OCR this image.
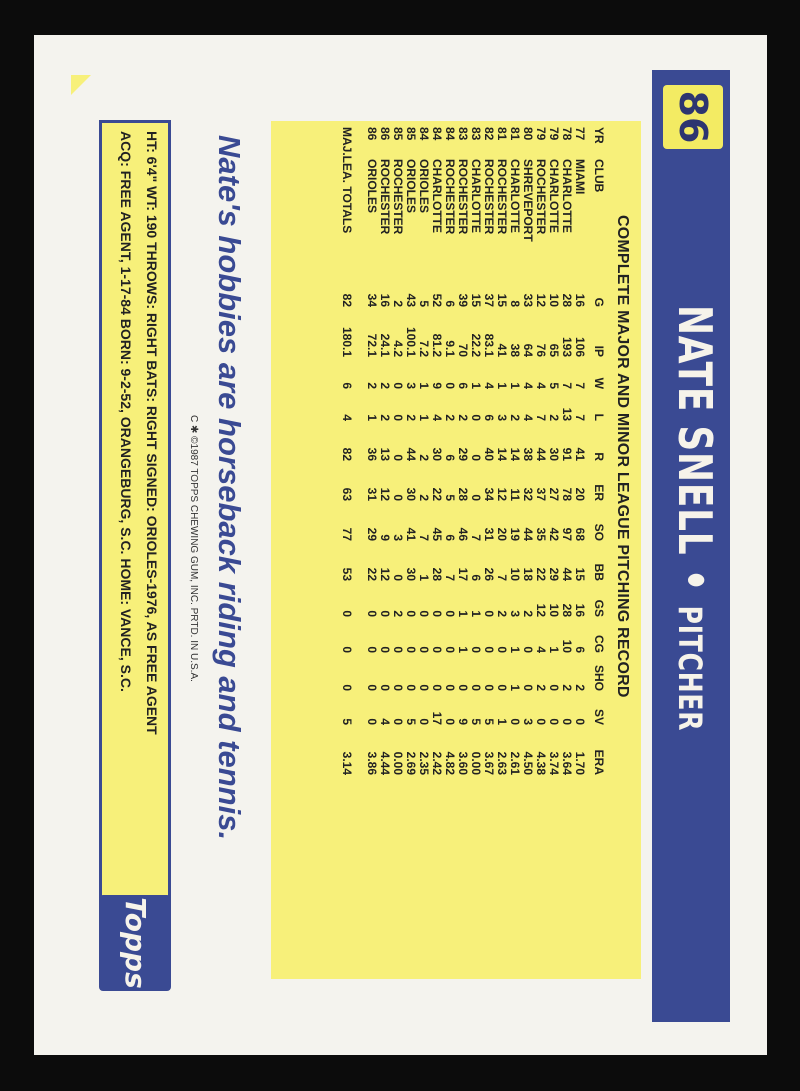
86
NATE SNELL • PITCHER
COMPLETE MAJOR AND MINOR LEAGUE PITCHING RECORD
YR	CLUB	G	IP	W	L	R	ER	SO	BB	GS	CG	SHO	SV	ERA
77	MIAMI	16	106	7	7	41	20	68	15	16	6	2	0	1.70
78	CHARLOTTE	28	193	7	13	91	78	97	44	28	10	2	0	3.64
79	CHARLOTTE	10	65	5	2	30	27	42	29	10	1	0	0	3.74
79	ROCHESTER	12	76	4	7	44	37	35	22	12	4	2	0	4.38
80	SHREVEPORT	33	64	4	4	38	32	44	18	2	0	0	3	4.50
81	CHARLOTTE	8	38	1	2	14	11	19	10	3	1	1	0	2.61
81	ROCHESTER	15	41	1	3	14	12	20	7	2	0	0	1	2.63
82	ROCHESTER	37	83.1	4	6	40	34	31	26	0	0	0	5	3.67
83	CHARLOTTE	15	22.2	1	0	0	0	7	6	1	0	0	5	0.00
83	ROCHESTER	39	70	6	2	29	28	46	17	1	1	0	9	3.60
84	ROCHESTER	6	9.1	0	2	6	5	6	7	0	0	0	0	4.82
84	CHARLOTTE	52	81.2	9	4	30	22	45	28	0	0	0	17	2.42
84	ORIOLES	5	7.2	1	1	2	2	7	1	0	0	0	0	2.35
85	ORIOLES	43	100.1	3	2	44	30	41	30	0	0	0	5	2.69
85	ROCHESTER	2	4.2	0	0	0	0	3	0	2	0	0	0	0.00
86	ROCHESTER	16	24.1	2	2	13	12	9	12	0	0	0	4	4.44
86	ORIOLES	34	72.1	2	1	36	31	29	22	0	0	0	0	3.86
MAJ.LEA. TOTALS		82	180.1	6	4	82	63	77	53	0	0	0	5	3.14
Nate's hobbies are horseback riding and tennis.
C ✱ ©1987 TOPPS CHEWING GUM, INC. PRTD. IN U.S.A.
HT: 6'4" WT: 190 THROWS: RIGHT BATS: RIGHT SIGNED: ORIOLES-1976, AS FREE AGENT
ACQ: FREE AGENT, 1-17-84 BORN: 9-2-52, ORANGEBURG, S.C. HOME: VANCE, S.C.
Topps
